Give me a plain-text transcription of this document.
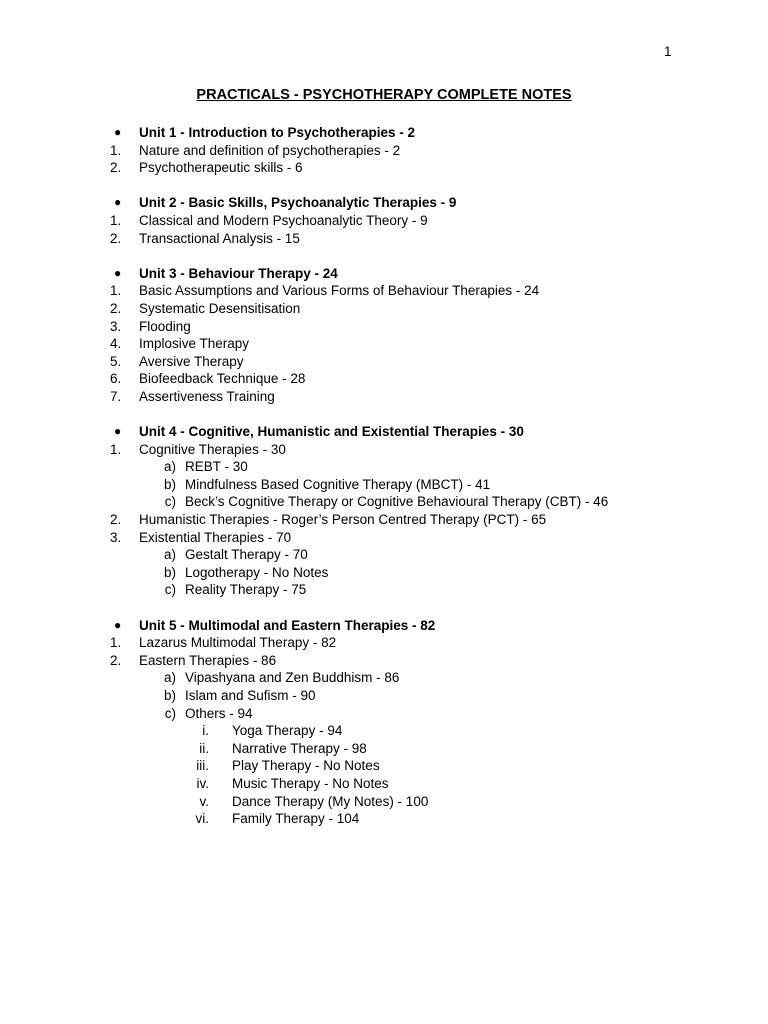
1
PRACTICALS - PSYCHOTHERAPY COMPLETE NOTES
●	Unit 1 - Introduction to Psychotherapies - 2
1.	Nature and definition of psychotherapies - 2
2.	Psychotherapeutic skills - 6
●	Unit 2 - Basic Skills, Psychoanalytic Therapies - 9
1.	Classical and Modern Psychoanalytic Theory - 9
2.	Transactional Analysis - 15
●	Unit 3 - Behaviour Therapy - 24
1.	Basic Assumptions and Various Forms of Behaviour Therapies - 24
2.	Systematic Desensitisation
3.	Flooding
4.	Implosive Therapy
5.	Aversive Therapy
6.	Biofeedback Technique - 28
7.	Assertiveness Training
●	Unit 4 - Cognitive, Humanistic and Existential Therapies - 30
1.	Cognitive Therapies - 30
a) REBT - 30
b) Mindfulness Based Cognitive Therapy (MBCT) - 41
c) Beck’s Cognitive Therapy or Cognitive Behavioural Therapy (CBT) - 46
2.	Humanistic Therapies - Roger’s Person Centred Therapy (PCT) - 65
3.	Existential Therapies - 70
a) Gestalt Therapy - 70
b) Logotherapy - No Notes
c) Reality Therapy - 75
●	Unit 5 - Multimodal and Eastern Therapies - 82
1.	Lazarus Multimodal Therapy - 82
2.	Eastern Therapies - 86
a) Vipashyana and Zen Buddhism - 86
b) Islam and Sufism - 90
c) Others - 94
i. Yoga Therapy - 94
ii. Narrative Therapy - 98
iii. Play Therapy - No Notes
iv. Music Therapy - No Notes
v. Dance Therapy (My Notes) - 100
vi. Family Therapy - 104
